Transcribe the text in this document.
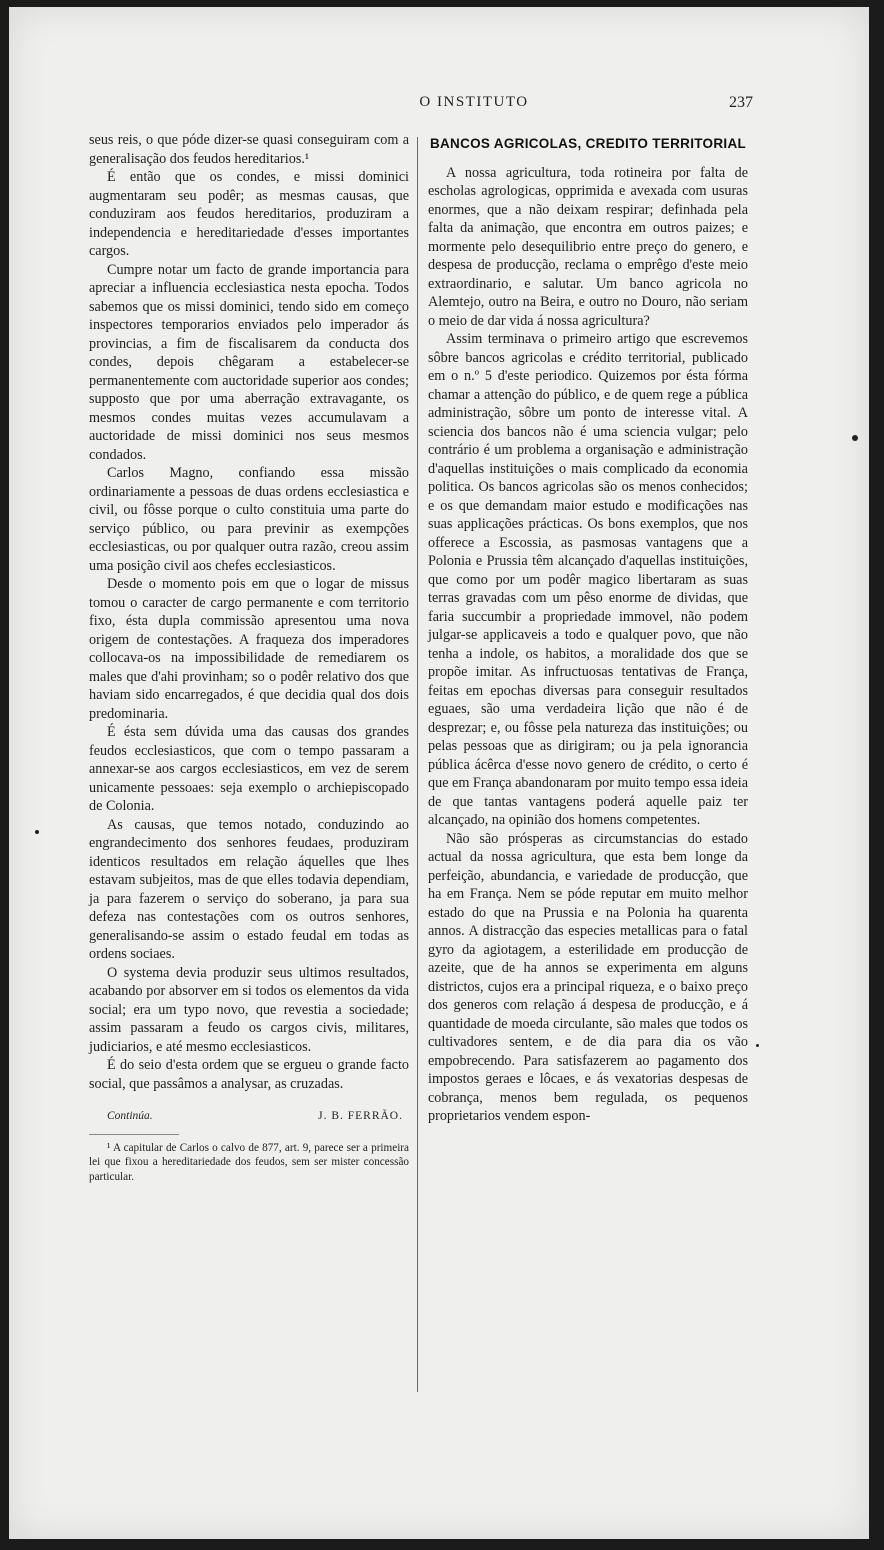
O INSTITUTO	237

seus reis, o que póde dizer-se quasi conseguiram com a generalisação dos feudos hereditarios.¹

É então que os condes, e missi dominici augmentaram seu podêr; as mesmas causas, que conduziram aos feudos hereditarios, produziram a independencia e hereditariedade d'esses importantes cargos.

Cumpre notar um facto de grande importancia para apreciar a influencia ecclesiastica nesta epocha. Todos sabemos que os missi dominici, tendo sido em começo inspectores temporarios enviados pelo imperador ás provincias, a fim de fiscalisarem da conducta dos condes, depois chêgaram a estabelecer-se permanentemente com auctoridade superior aos condes; supposto que por uma aberração extravagante, os mesmos condes muitas vezes accumulavam a auctoridade de missi dominici nos seus mesmos condados.

Carlos Magno, confiando essa missão ordinariamente a pessoas de duas ordens ecclesiastica e civil, ou fôsse porque o culto constituia uma parte do serviço público, ou para previnir as exempções ecclesiasticas, ou por qualquer outra razão, creou assim uma posição civil aos chefes ecclesiasticos.

Desde o momento pois em que o logar de missus tomou o caracter de cargo permanente e com territorio fixo, ésta dupla commissão apresentou uma nova origem de contestações. A fraqueza dos imperadores collocava-os na impossibilidade de remediarem os males que d'ahi provinham; so o podêr relativo dos que haviam sido encarregados, é que decidia qual dos dois predominaria.

É ésta sem dúvida uma das causas dos grandes feudos ecclesiasticos, que com o tempo passaram a annexar-se aos cargos ecclesiasticos, em vez de serem unicamente pessoaes: seja exemplo o archiepiscopado de Colonia.

As causas, que temos notado, conduzindo ao engrandecimento dos senhores feudaes, produziram identicos resultados em relação áquelles que lhes estavam subjeitos, mas de que elles todavia dependiam, ja para fazerem o serviço do soberano, ja para sua defeza nas contestações com os outros senhores, generalisando-se assim o estado feudal em todas as ordens sociaes.

O systema devia produzir seus ultimos resultados, acabando por absorver em si todos os elementos da vida social; era um typo novo, que revestia a sociedade; assim passaram a feudo os cargos civis, militares, judiciarios, e até mesmo ecclesiasticos.

É do seio d'esta ordem que se ergueu o grande facto social, que passâmos a analysar, as cruzadas.

Continúa.	J. B. FERRÃO.

¹ A capitular de Carlos o calvo de 877, art. 9, parece ser a primeira lei que fixou a hereditariedade dos feudos, sem ser mister concessão particular.

BANCOS AGRICOLAS, CREDITO TERRITORIAL

A nossa agricultura, toda rotineira por falta de escholas agrologicas, opprimida e avexada com usuras enormes, que a não deixam respirar; definhada pela falta da animação, que encontra em outros paizes; e mormente pelo desequilibrio entre preço do genero, e despesa de producção, reclama o emprêgo d'este meio extraordinario, e salutar. Um banco agricola no Alemtejo, outro na Beira, e outro no Douro, não seriam o meio de dar vida á nossa agricultura?

Assim terminava o primeiro artigo que escrevemos sôbre bancos agricolas e crédito territorial, publicado em o n.º 5 d'este periodico. Quizemos por ésta fórma chamar a attenção do público, e de quem rege a pública administração, sôbre um ponto de interesse vital. A sciencia dos bancos não é uma sciencia vulgar; pelo contrário é um problema a organisação e administração d'aquellas instituições o mais complicado da economia politica. Os bancos agricolas são os menos conhecidos; e os que demandam maior estudo e modificações nas suas applicações prácticas. Os bons exemplos, que nos offerece a Escossia, as pasmosas vantagens que a Polonia e Prussia têm alcançado d'aquellas instituições, que como por um podêr magico libertaram as suas terras gravadas com um pêso enorme de dividas, que faria succumbir a propriedade immovel, não podem julgar-se applicaveis a todo e qualquer povo, que não tenha a indole, os habitos, a moralidade dos que se propõe imitar. As infructuosas tentativas de França, feitas em epochas diversas para conseguir resultados eguaes, são uma verdadeira lição que não é de desprezar; e, ou fôsse pela natureza das instituições; ou pelas pessoas que as dirigiram; ou ja pela ignorancia pública ácêrca d'esse novo genero de crédito, o certo é que em França abandonaram por muito tempo essa ideia de que tantas vantagens poderá aquelle paiz ter alcançado, na opinião dos homens competentes.

Não são prósperas as circumstancias do estado actual da nossa agricultura, que esta bem longe da perfeição, abundancia, e variedade de producção, que ha em França. Nem se póde reputar em muito melhor estado do que na Prussia e na Polonia ha quarenta annos. A distracção das especies metallicas para o fatal gyro da agiotagem, a esterilidade em producção de azeite, que de ha annos se experimenta em alguns districtos, cujos era a principal riqueza, e o baixo preço dos generos com relação á despesa de producção, e á quantidade de moeda circulante, são males que todos os cultivadores sentem, e de dia para dia os vão empobrecendo. Para satisfazerem ao pagamento dos impostos geraes e lôcaes, e ás vexatorias despesas de cobrança, menos bem regulada, os pequenos proprietarios vendem espon-
